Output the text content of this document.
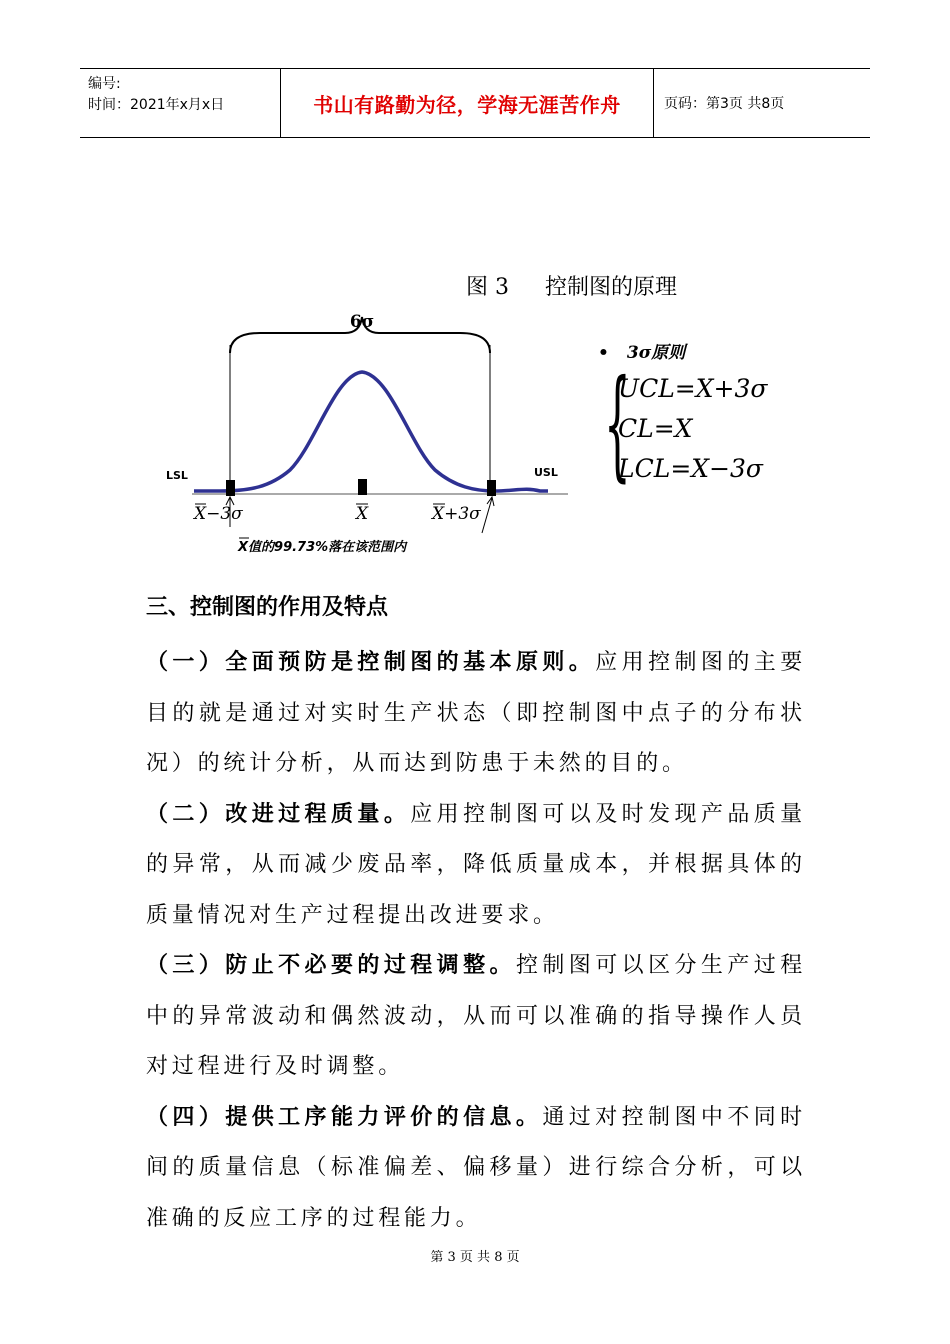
编号:
时间：2021年x月x日	书山有路勤为径，学海无涯苦作舟	页码：第3页 共8页
图 3 控制图的原理
6σ
LSL	USL
X−3σ	X	X+3σ
X值的99.73%落在该范围内
• 3σ原则
{
UCL=X+3σ
CL=X
LCL=X−3σ
三、控制图的作用及特点

（一）全面预防是控制图的基本原则。应用控制图的主要目的就是通过对实时生产状态（即控制图中点子的分布状况）的统计分析，从而达到防患于未然的目的。

（二）改进过程质量。应用控制图可以及时发现产品质量的异常，从而减少废品率，降低质量成本，并根据具体的质量情况对生产过程提出改进要求。

（三）防止不必要的过程调整。控制图可以区分生产过程中的异常波动和偶然波动，从而可以准确的指导操作人员对过程进行及时调整。

（四）提供工序能力评价的信息。通过对控制图中不同时间的质量信息（标准偏差、偏移量）进行综合分析，可以准确的反应工序的过程能力。

第 3 页 共 8 页
